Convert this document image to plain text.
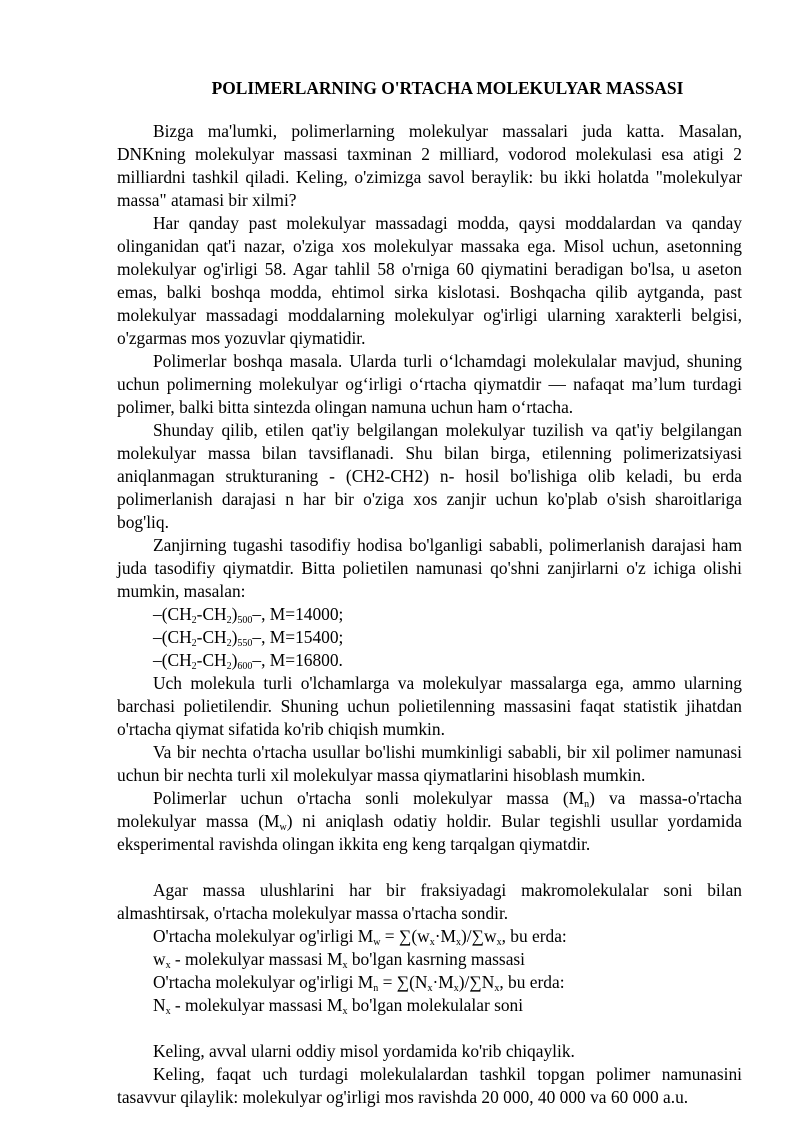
POLIMERLARNING O'RTACHA MOLEKULYAR MASSASI

Bizga ma'lumki, polimerlarning molekulyar massalari juda katta. Masalan, DNKning molekulyar massasi taxminan 2 milliard, vodorod molekulasi esa atigi 2 milliardni tashkil qiladi. Keling, o'zimizga savol beraylik: bu ikki holatda "molekulyar massa" atamasi bir xilmi?

Har qanday past molekulyar massadagi modda, qaysi moddalardan va qanday olinganidan qat'i nazar, o'ziga xos molekulyar massaka ega. Misol uchun, asetonning molekulyar og'irligi 58. Agar tahlil 58 o'rniga 60 qiymatini beradigan bo'lsa, u aseton emas, balki boshqa modda, ehtimol sirka kislotasi. Boshqacha qilib aytganda, past molekulyar massadagi moddalarning molekulyar og'irligi ularning xarakterli belgisi, o'zgarmas mos yozuvlar qiymatidir.

Polimerlar boshqa masala. Ularda turli oʻlchamdagi molekulalar mavjud, shuning uchun polimerning molekulyar ogʻirligi oʻrtacha qiymatdir — nafaqat maʼlum turdagi polimer, balki bitta sintezda olingan namuna uchun ham oʻrtacha.

Shunday qilib, etilen qat'iy belgilangan molekulyar tuzilish va qat'iy belgilangan molekulyar massa bilan tavsiflanadi. Shu bilan birga, etilenning polimerizatsiyasi aniqlanmagan strukturaning - (CH2-CH2) n- hosil bo'lishiga olib keladi, bu erda polimerlanish darajasi n har bir o'ziga xos zanjir uchun ko'plab o'sish sharoitlariga bog'liq.

Zanjirning tugashi tasodifiy hodisa bo'lganligi sababli, polimerlanish darajasi ham juda tasodifiy qiymatdir. Bitta polietilen namunasi qo'shni zanjirlarni o'z ichiga olishi mumkin, masalan:

$-(CH_2-CH_2)_{500}-$, M=14000;
$-(CH_2-CH_2)_{550}-$, M=15400;
$-(CH_2-CH_2)_{600}-$, M=16800.

Uch molekula turli o'lchamlarga va molekulyar massalarga ega, ammo ularning barchasi polietilendir. Shuning uchun polietilenning massasini faqat statistik jihatdan o'rtacha qiymat sifatida ko'rib chiqish mumkin.

Va bir nechta o'rtacha usullar bo'lishi mumkinligi sababli, bir xil polimer namunasi uchun bir nechta turli xil molekulyar massa qiymatlarini hisoblash mumkin.

Polimerlar uchun o'rtacha sonli molekulyar massa $(M_n)$ va massa-o'rtacha molekulyar massa $(M_w)$ ni aniqlash odatiy holdir. Bular tegishli usullar yordamida eksperimental ravishda olingan ikkita eng keng tarqalgan qiymatdir.

Agar massa ulushlarini har bir fraksiyadagi makromolekulalar soni bilan almashtirsak, o'rtacha molekulyar massa o'rtacha sondir.

O'rtacha molekulyar og'irligi $M_w = \sum(w_x\cdot M_x)/\sum w_x$, bu erda:
$w_x$ - molekulyar massasi $M_x$ bo'lgan kasrning massasi
O'rtacha molekulyar og'irligi $M_n = \sum(N_x\cdot M_x)/\sum N_x$, bu erda:
$N_x$ - molekulyar massasi $M_x$ bo'lgan molekulalar soni

Keling, avval ularni oddiy misol yordamida ko'rib chiqaylik.

Keling, faqat uch turdagi molekulalardan tashkil topgan polimer namunasini tasavvur qilaylik: molekulyar og'irligi mos ravishda 20 000, 40 000 va 60 000 a.u.
